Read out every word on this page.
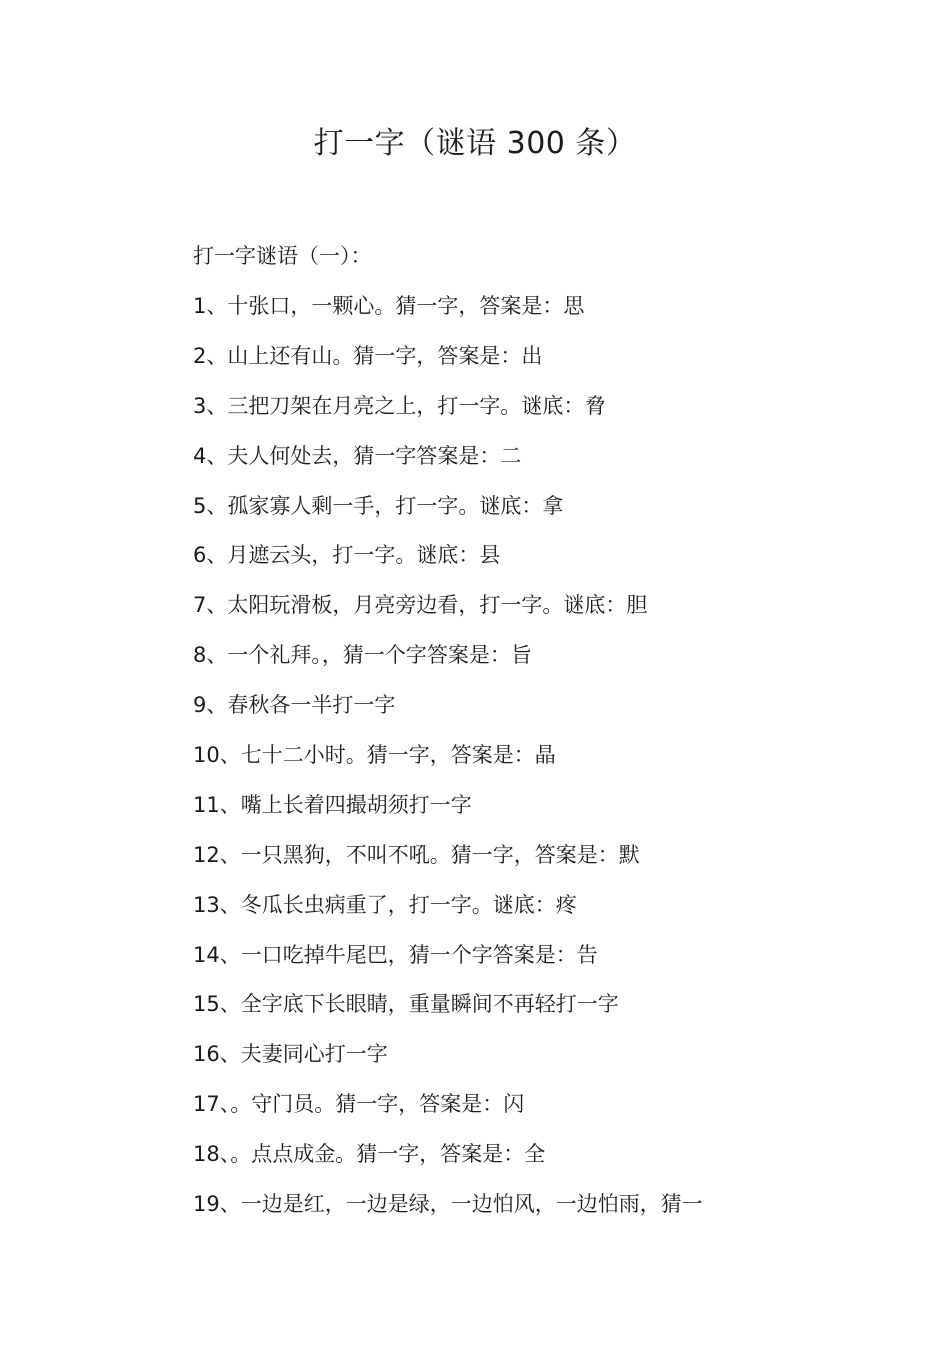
打一字（谜语 300 条）
打一字谜语（一）：
1、十张口，一颗心。猜一字，答案是：思
2、山上还有山。猜一字，答案是：出
3、三把刀架在月亮之上，打一字。谜底：脅
4、夫人何处去，猜一字答案是：二
5、孤家寡人剩一手，打一字。谜底：拿
6、月遮云头，打一字。谜底：县
7、太阳玩滑板，月亮旁边看，打一字。谜底：胆
8、一个礼拜。，猜一个字答案是：旨
9、春秋各一半打一字
10、七十二小时。猜一字，答案是：晶
11、嘴上长着四撮胡须打一字
12、一只黑狗，不叫不吼。猜一字，答案是：默
13、冬瓜长虫病重了，打一字。谜底：疼
14、一口吃掉牛尾巴，猜一个字答案是：告
15、全字底下长眼睛，重量瞬间不再轻打一字
16、夫妻同心打一字
17、。守门员。猜一字，答案是：闪
18、。点点成金。猜一字，答案是：全
19、一边是红，一边是绿，一边怕风，一边怕雨，猜一
